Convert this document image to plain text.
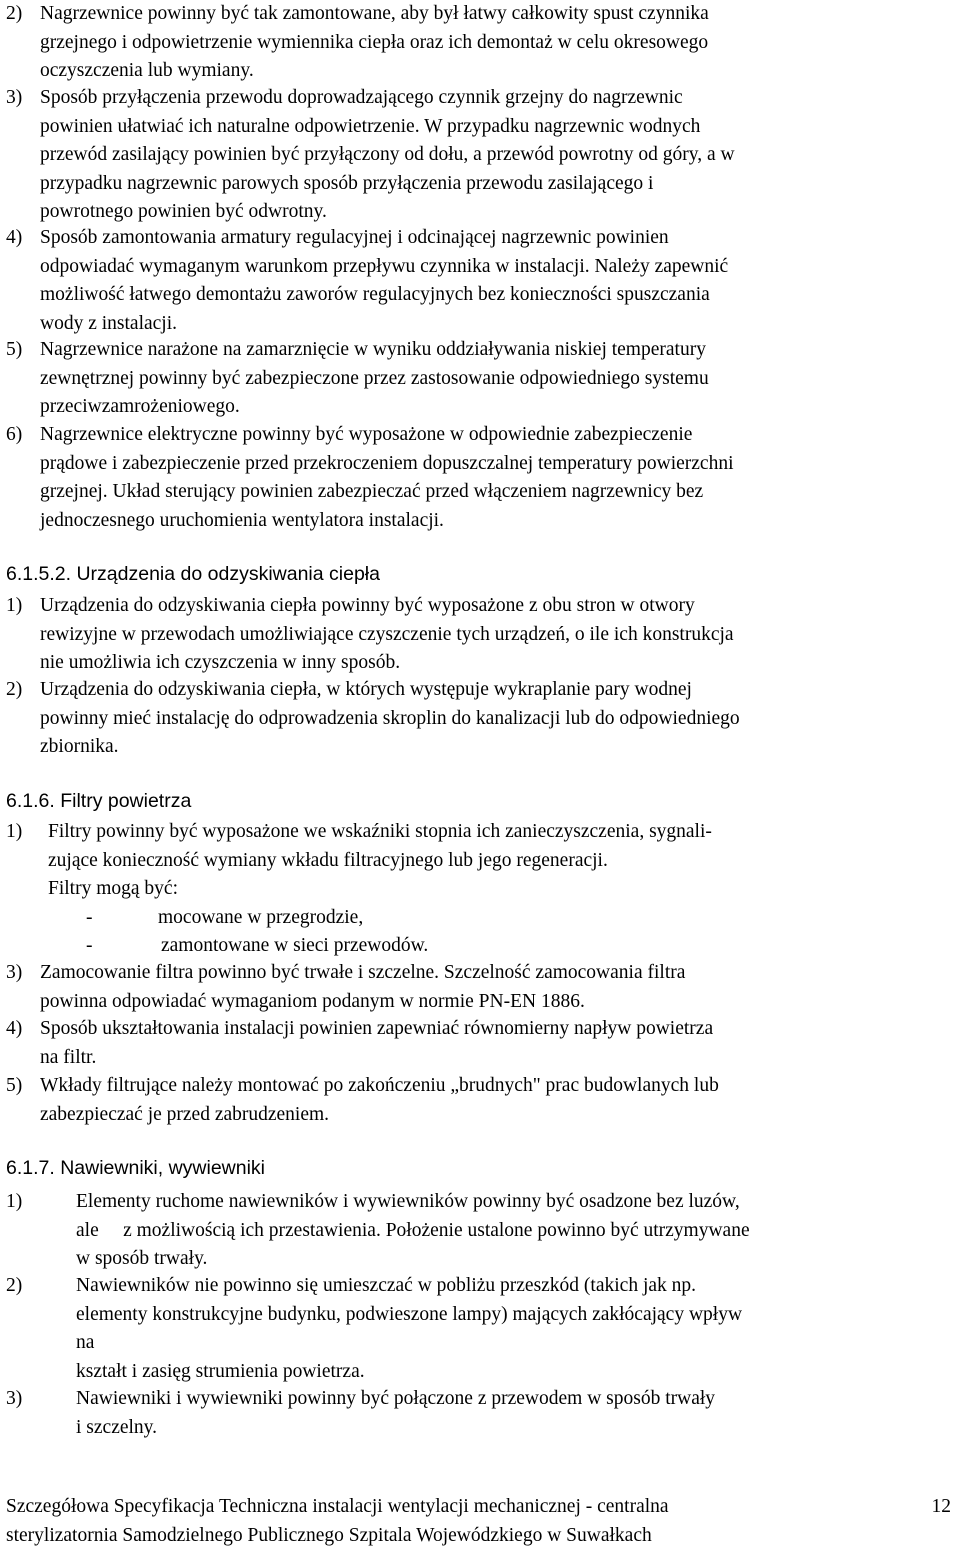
2) Nagrzewnice powinny być tak zamontowane, aby był łatwy całkowity spust czynnika
grzejnego i odpowietrzenie wymiennika ciepła oraz ich demontaż w celu okresowego
oczyszczenia lub wymiany.
3) Sposób przyłączenia przewodu doprowadzającego czynnik grzejny do nagrzewnic
powinien ułatwiać ich naturalne odpowietrzenie. W przypadku nagrzewnic wodnych
przewód zasilający powinien być przyłączony od dołu, a przewód powrotny od góry, a w
przypadku nagrzewnic parowych sposób przyłączenia przewodu zasilającego i
powrotnego powinien być odwrotny.
4) Sposób zamontowania armatury regulacyjnej i odcinającej nagrzewnic powinien
odpowiadać wymaganym warunkom przepływu czynnika w instalacji. Należy zapewnić
możliwość łatwego demontażu zaworów regulacyjnych bez konieczności spuszczania
wody z instalacji.
5) Nagrzewnice narażone na zamarznięcie w wyniku oddziaływania niskiej temperatury
zewnętrznej powinny być zabezpieczone przez zastosowanie odpowiedniego systemu
przeciwzamrożeniowego.
6) Nagrzewnice elektryczne powinny być wyposażone w odpowiednie zabezpieczenie
prądowe i zabezpieczenie przed przekroczeniem dopuszczalnej temperatury powierzchni
grzejnej. Układ sterujący powinien zabezpieczać przed włączeniem nagrzewnicy bez
jednoczesnego uruchomienia wentylatora instalacji.
6.1.5.2. Urządzenia do odzyskiwania ciepła
1) Urządzenia do odzyskiwania ciepła powinny być wyposażone z obu stron w otwory
rewizyjne w przewodach umożliwiające czyszczenie tych urządzeń, o ile ich konstrukcja
nie umożliwia ich czyszczenia w inny sposób.
2) Urządzenia do odzyskiwania ciepła, w których występuje wykraplanie pary wodnej
powinny mieć instalację do odprowadzenia skroplin do kanalizacji lub do odpowiedniego
zbiornika.
6.1.6. Filtry powietrza
1) Filtry powinny być wyposażone we wskaźniki stopnia ich zanieczyszczenia, sygnali-
zujące konieczność wymiany wkładu filtracyjnego lub jego regeneracji.
Filtry mogą być:
-	mocowane w przegrodzie,
-	zamontowane w sieci przewodów.
3) Zamocowanie filtra powinno być trwałe i szczelne. Szczelność zamocowania filtra
powinna odpowiadać wymaganiom podanym w normie PN-EN 1886.
4) Sposób ukształtowania instalacji powinien zapewniać równomierny napływ powietrza
na filtr.
5) Wkłady filtrujące należy montować po zakończeniu „brudnych" prac budowlanych lub
zabezpieczać je przed zabrudzeniem.
6.1.7. Nawiewniki, wywiewniki
1)	Elementy ruchome nawiewników i wywiewników powinny być osadzone bez luzów,
ale     z możliwością ich przestawienia. Położenie ustalone powinno być utrzymywane
w sposób trwały.
2)	Nawiewników nie powinno się umieszczać w pobliżu przeszkód (takich jak np.
elementy konstrukcyjne budynku, podwieszone lampy) mających zakłócający wpływ
na
kształt i zasięg strumienia powietrza.
3)	Nawiewniki i wywiewniki powinny być połączone z przewodem w sposób trwały
i szczelny.
Szczegółowa Specyfikacja Techniczna instalacji wentylacji mechanicznej - centralna
sterylizatornia Samodzielnego Publicznego Szpitala Wojewódzkiego w Suwałkach
12
